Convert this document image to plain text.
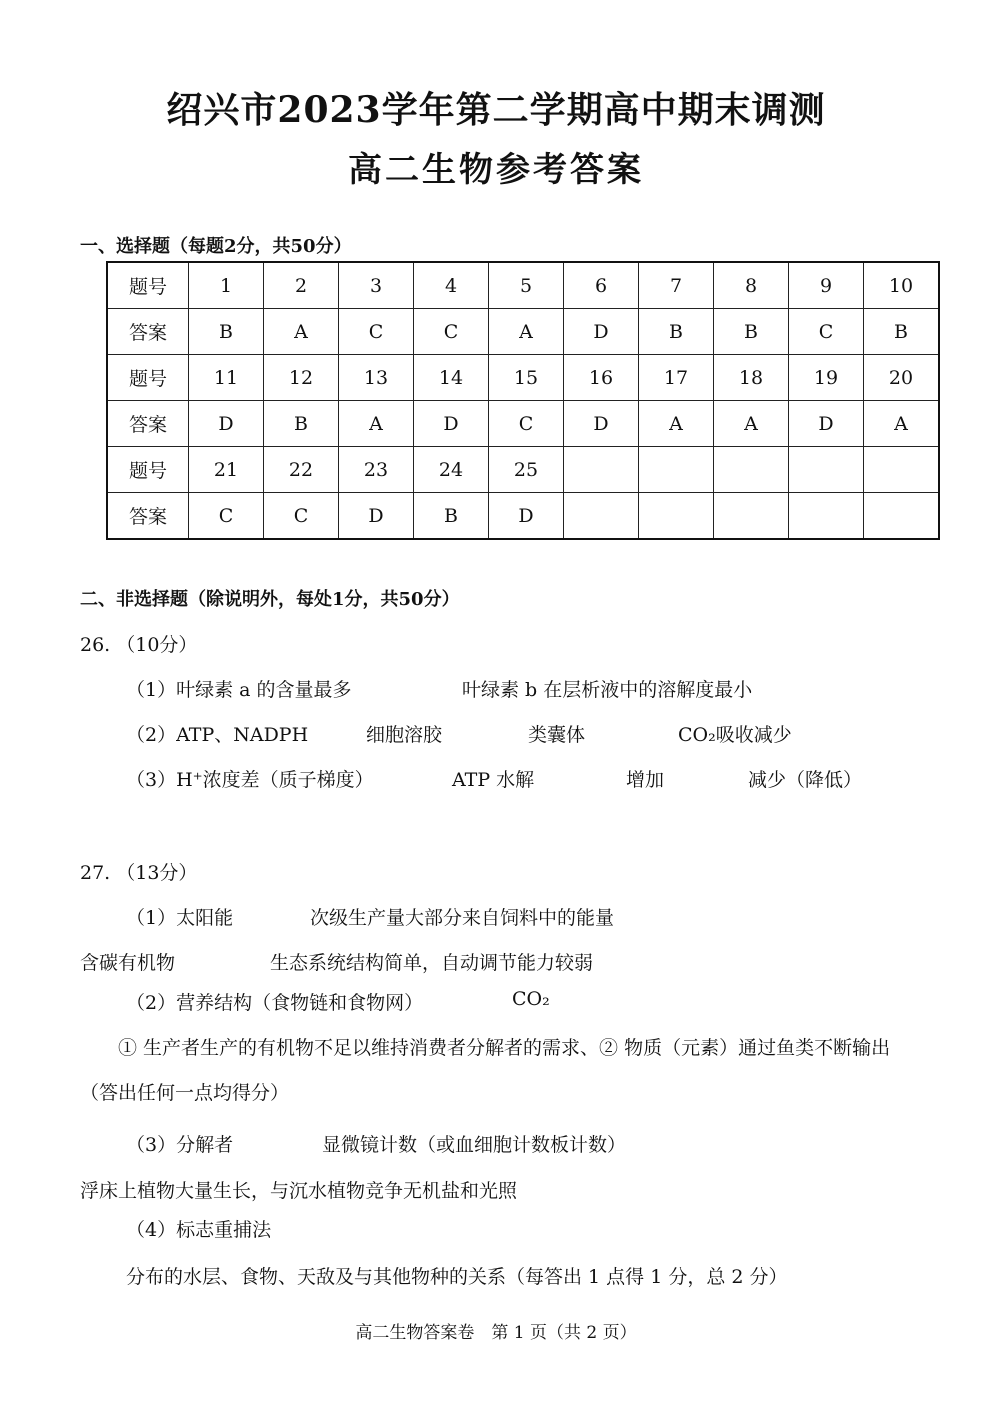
绍兴市2023学年第二学期高中期末调测
高二生物参考答案
一、选择题（每题2分，共50分）
题号	1	2	3	4	5	6	7	8	9	10
答案	B	A	C	C	A	D	B	B	C	B
题号	11	12	13	14	15	16	17	18	19	20
答案	D	B	A	D	C	D	A	A	D	A
题号	21	22	23	24	25					
答案	C	C	D	B	D					
二、非选择题（除说明外，每处1分，共50分）
26. （10分）
（1）叶绿素 a 的含量最多	叶绿素 b 在层析液中的溶解度最小
（2）ATP、NADPH	细胞溶胶	类囊体	CO₂吸收减少
（3）H⁺浓度差（质子梯度）	ATP 水解	增加	减少（降低）
27. （13分）
（1）太阳能	次级生产量大部分来自饲料中的能量
含碳有机物	生态系统结构简单，自动调节能力较弱
（2）营养结构（食物链和食物网）	CO₂
① 生产者生产的有机物不足以维持消费者分解者的需求、② 物质（元素）通过鱼类不断输出
（答出任何一点均得分）
（3）分解者	显微镜计数（或血细胞计数板计数）
浮床上植物大量生长，与沉水植物竞争无机盐和光照
（4）标志重捕法
分布的水层、食物、天敌及与其他物种的关系（每答出 1 点得 1 分，总 2 分）
高二生物答案卷　第 1 页（共 2 页）
